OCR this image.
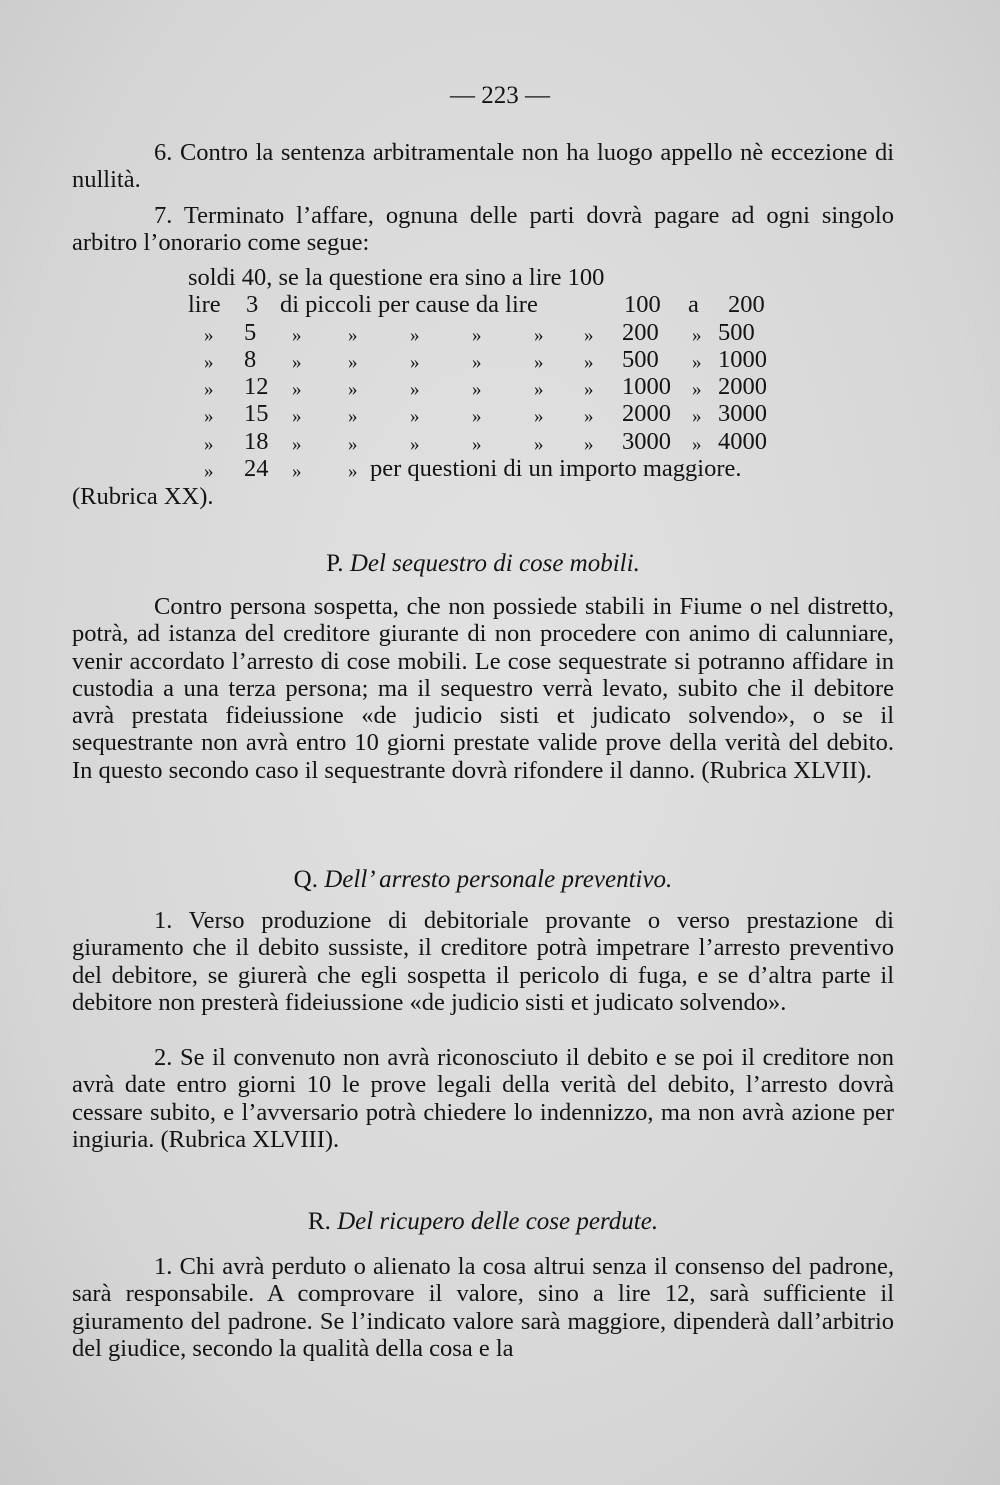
— 223 —

6. Contro la sentenza arbitramentale non ha luogo appello nè eccezione di nullità.

7. Terminato l’affare, ognuna delle parti dovrà pagare ad ogni singolo arbitro l’onorario come segue:

soldi 40, se la questione era sino a lire 100
lire 3 di piccoli per cause da lire	100 a 200
» 5 » »	»	»	» » 200 » 500
» 8 » »	»	»	» » 500 » 1000
» 12 » »	»	»	» » 1000 » 2000
» 15 » »	»	»	» » 2000 » 3000
» 18 » »	»	»	» » 3000 » 4000
» 24 » » per questioni di un importo maggiore.

(Rubrica XX).

P. Del sequestro di cose mobili.

Contro persona sospetta, che non possiede stabili in Fiume o nel distretto, potrà, ad istanza del creditore giurante di non procedere con animo di calunniare, venir accordato l’arresto di cose mobili. Le cose sequestrate si potranno affidare in custodia a una terza persona; ma il sequestro verrà levato, subito che il debitore avrà prestata fideiussione «de judicio sisti et judicato solvendo», o se il sequestrante non avrà entro 10 giorni prestate valide prove della verità del debito. In questo secondo caso il sequestrante dovrà rifondere il danno. (Rubrica XLVII).

Q. Dell’ arresto personale preventivo.

1. Verso produzione di debitoriale provante o verso prestazione di giuramento che il debito sussiste, il creditore potrà impetrare l’arresto preventivo del debitore, se giurerà che egli sospetta il pericolo di fuga, e se d’altra parte il debitore non presterà fideiussione «de judicio sisti et judicato solvendo».

2. Se il convenuto non avrà riconosciuto il debito e se poi il creditore non avrà date entro giorni 10 le prove legali della verità del debito, l’arresto dovrà cessare subito, e l’avversario potrà chiedere lo indennizzo, ma non avrà azione per ingiuria. (Rubrica XLVIII).

R. Del ricupero delle cose perdute.

1. Chi avrà perduto o alienato la cosa altrui senza il consenso del padrone, sarà responsabile. A comprovare il valore, sino a lire 12, sarà sufficiente il giuramento del padrone. Se l’indicato valore sarà maggiore, dipenderà dall’arbitrio del giudice, secondo la qualità della cosa e la
